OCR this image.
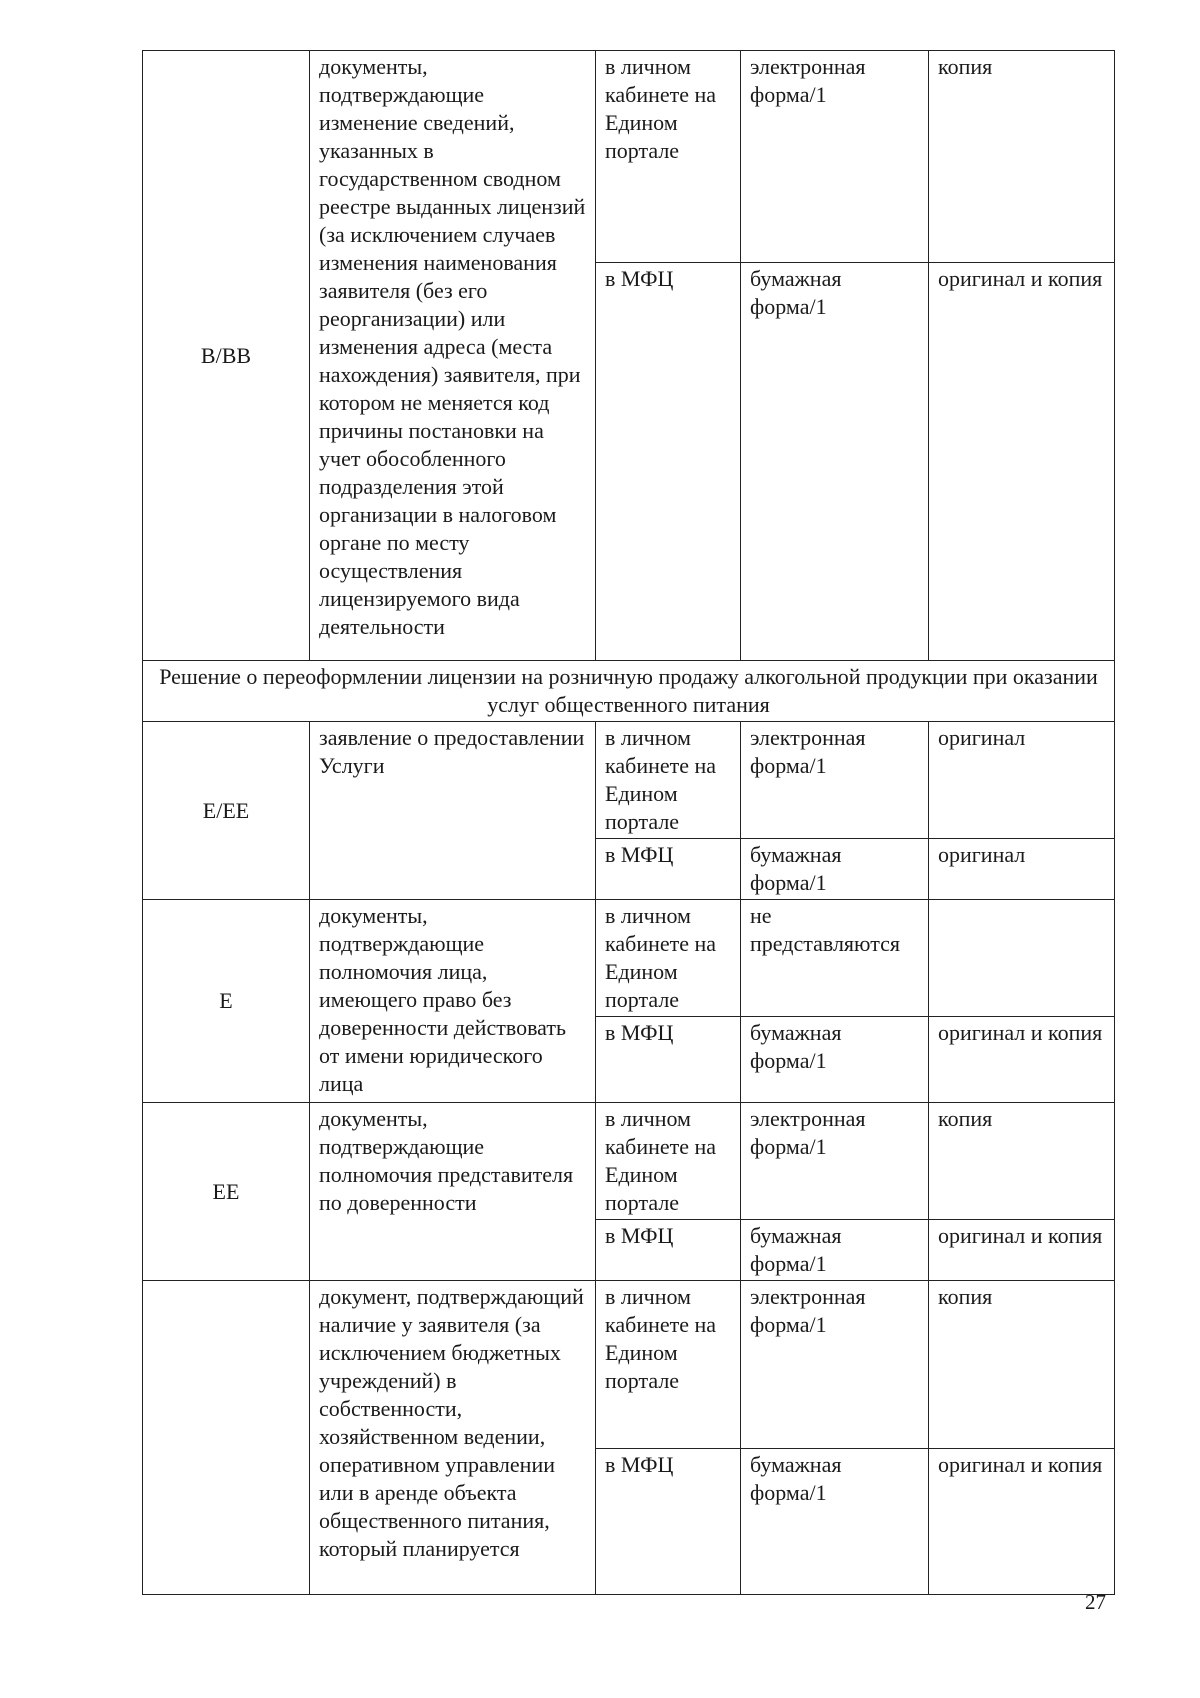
В/ВВ	документы, подтверждающие изменение сведений, указанных в государственном сводном реестре выданных лицензий (за исключением случаев изменения наименования заявителя (без его реорганизации) или изменения адреса (места нахождения) заявителя, при котором не меняется код причины постановки на учет обособленного подразделения этой организации в налоговом органе по месту осуществления лицензируемого вида деятельности	в личном кабинете на Едином портале	электронная форма/1	копия
		в МФЦ	бумажная форма/1	оригинал и копия
Решение о переоформлении лицензии на розничную продажу алкогольной продукции при оказании услуг общественного питания				
Е/ЕЕ	заявление о предоставлении Услуги	в личном кабинете на Едином портале	электронная форма/1	оригинал
		в МФЦ	бумажная форма/1	оригинал
Е	документы, подтверждающие полномочия лица, имеющего право без доверенности действовать от имени юридического лица	в личном кабинете на Едином портале	не представляются	
		в МФЦ	бумажная форма/1	оригинал и копия
ЕЕ	документы, подтверждающие полномочия представителя по доверенности	в личном кабинете на Едином портале	электронная форма/1	копия
		в МФЦ	бумажная форма/1	оригинал и копия
	документ, подтверждающий наличие у заявителя (за исключением бюджетных учреждений) в собственности, хозяйственном ведении, оперативном управлении или в аренде объекта общественного питания, который планируется	в личном кабинете на Едином портале	электронная форма/1	копия
		в МФЦ	бумажная форма/1	оригинал и копия
27
